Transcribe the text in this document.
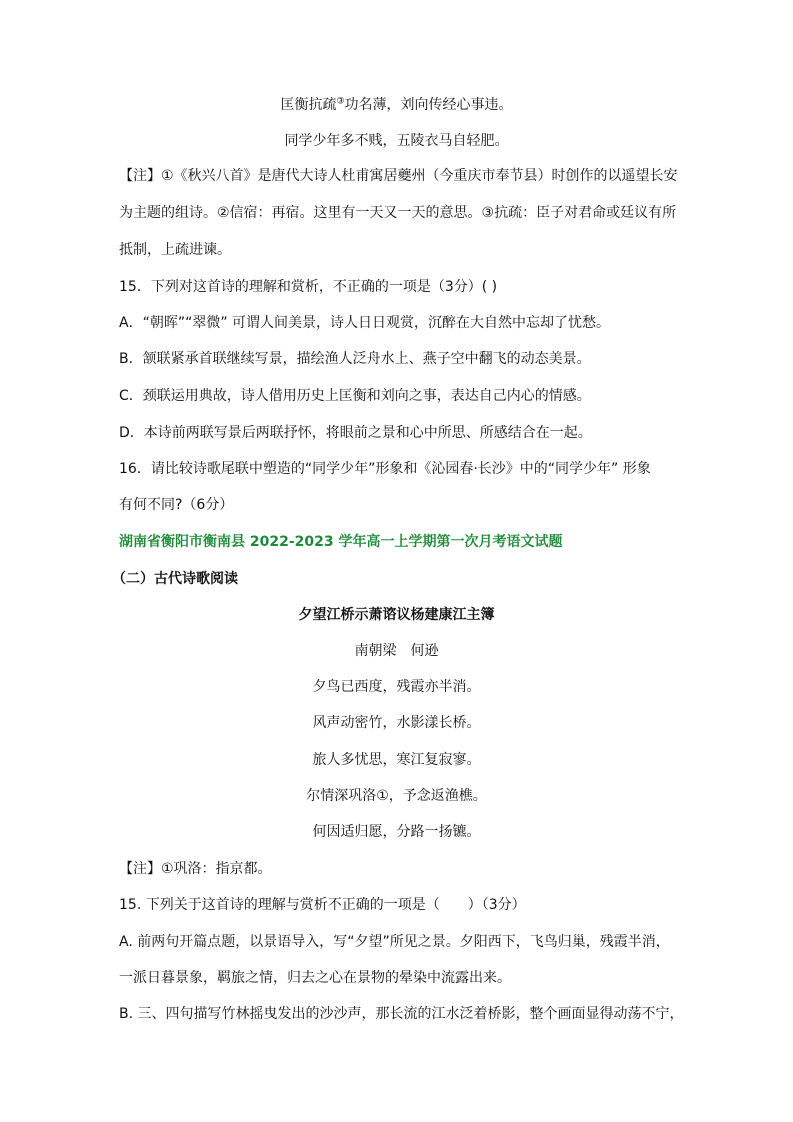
匡衡抗疏③功名薄，刘向传经心事违。
同学少年多不贱，五陵衣马自轻肥。
【注】①《秋兴八首》是唐代大诗人杜甫寓居夔州（今重庆市奉节县）时创作的以遥望长安
为主题的组诗。②信宿：再宿。这里有一天又一天的意思。③抗疏：臣子对君命或廷议有所
抵制，上疏进谏。
15．下列对这首诗的理解和赏析，不正确的一项是（3分）( )
A．“朝晖”“翠微” 可谓人间美景，诗人日日观赏，沉醉在大自然中忘却了忧愁。
B．颔联紧承首联继续写景，描绘渔人泛舟水上、燕子空中翻飞的动态美景。
C．颈联运用典故，诗人借用历史上匡衡和刘向之事，表达自己内心的情感。
D．本诗前两联写景后两联抒怀，将眼前之景和心中所思、所感结合在一起。
16．请比较诗歌尾联中塑造的“同学少年”形象和《沁园春·长沙》中的“同学少年” 形象
有何不同?（6分）
湖南省衡阳市衡南县 2022-2023 学年高一上学期第一次月考语文试题
（二）古代诗歌阅读
夕望江桥示萧谘议杨建康江主簿
南朝梁　何逊
夕鸟已西度，残霞亦半消。
风声动密竹，水影漾长桥。
旅人多忧思，寒江复寂寥。
尔情深巩洛①，予念返渔樵。
何因适归愿，分路一扬镳。
【注】①巩洛：指京都。
15. 下列关于这首诗的理解与赏析不正确的一项是（　　）（3分）
A. 前两句开篇点题，以景语导入，写“夕望”所见之景。夕阳西下，飞鸟归巢，残霞半消，
一派日暮景象，羁旅之情，归去之心在景物的晕染中流露出来。
B. 三、四句描写竹林摇曳发出的沙沙声，那长流的江水泛着桥影，整个画面显得动荡不宁，
